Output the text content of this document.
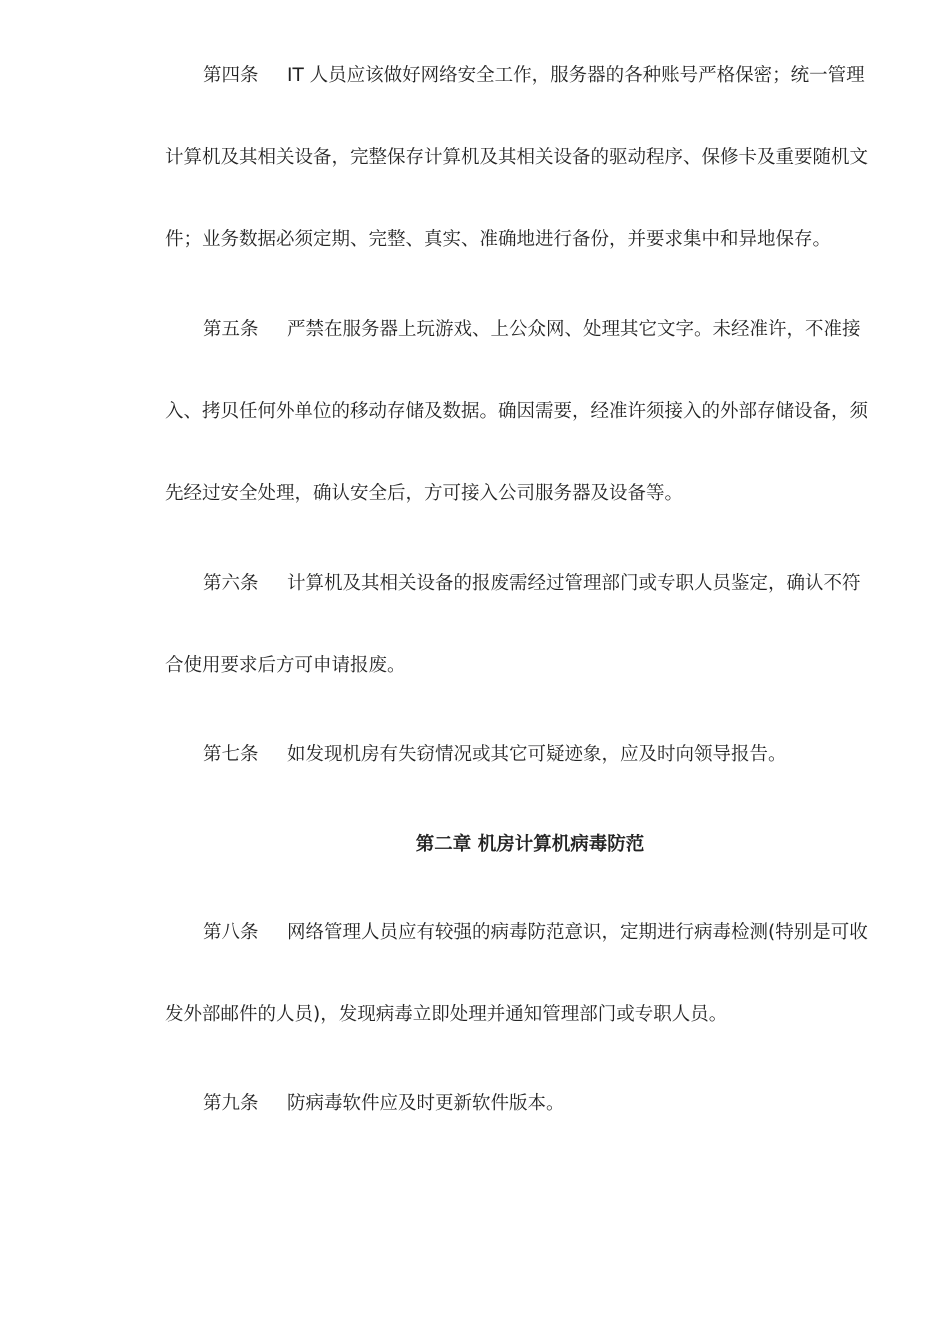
第四条 IT 人员应该做好网络安全工作，服务器的各种账号严格保密；统一管理
计算机及其相关设备，完整保存计算机及其相关设备的驱动程序、保修卡及重要随机文
件；业务数据必须定期、完整、真实、准确地进行备份，并要求集中和异地保存。
第五条 严禁在服务器上玩游戏、上公众网、处理其它文字。未经准许，不准接
入、拷贝任何外单位的移动存储及数据。确因需要，经准许须接入的外部存储设备，须
先经过安全处理，确认安全后，方可接入公司服务器及设备等。
第六条 计算机及其相关设备的报废需经过管理部门或专职人员鉴定，确认不符
合使用要求后方可申请报废。
第七条 如发现机房有失窃情况或其它可疑迹象，应及时向领导报告。
第二章 机房计算机病毒防范
第八条 网络管理人员应有较强的病毒防范意识，定期进行病毒检测(特别是可收
发外部邮件的人员)，发现病毒立即处理并通知管理部门或专职人员。
第九条 防病毒软件应及时更新软件版本。
